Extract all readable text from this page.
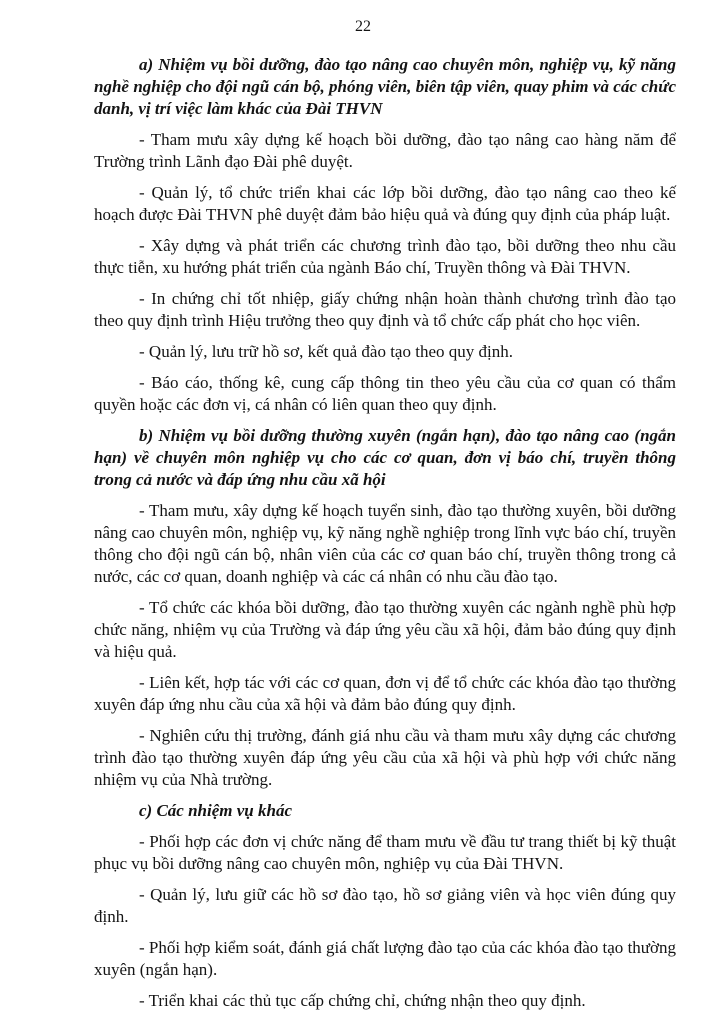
22

a) Nhiệm vụ bồi dưỡng, đào tạo nâng cao chuyên môn, nghiệp vụ, kỹ năng nghề nghiệp cho đội ngũ cán bộ, phóng viên, biên tập viên, quay phim và các chức danh, vị trí việc làm khác của Đài THVN

- Tham mưu xây dựng kế hoạch bồi dưỡng, đào tạo nâng cao hàng năm để Trường trình Lãnh đạo Đài phê duyệt.

- Quản lý, tổ chức triển khai các lớp bồi dưỡng, đào tạo nâng cao theo kế hoạch được Đài THVN phê duyệt đảm bảo hiệu quả và đúng quy định của pháp luật.

- Xây dựng và phát triển các chương trình đào tạo, bồi dưỡng theo nhu cầu thực tiễn, xu hướng phát triển của ngành Báo chí, Truyền thông và Đài THVN.

- In chứng chỉ tốt nhiệp, giấy chứng nhận hoàn thành chương trình đào tạo theo quy định trình Hiệu trưởng theo quy định và tổ chức cấp phát cho học viên.

- Quản lý, lưu trữ hồ sơ, kết quả đào tạo theo quy định.

- Báo cáo, thống kê, cung cấp thông tin theo yêu cầu của cơ quan có thẩm quyền hoặc các đơn vị, cá nhân có liên quan theo quy định.

b) Nhiệm vụ bồi dưỡng thường xuyên (ngắn hạn), đào tạo nâng cao (ngắn hạn) về chuyên môn nghiệp vụ cho các cơ quan, đơn vị báo chí, truyền thông trong cả nước và đáp ứng nhu cầu xã hội

- Tham mưu, xây dựng kế hoạch tuyển sinh, đào tạo thường xuyên, bồi dưỡng nâng cao chuyên môn, nghiệp vụ, kỹ năng nghề nghiệp trong lĩnh vực báo chí, truyền thông cho đội ngũ cán bộ, nhân viên của các cơ quan báo chí, truyền thông trong cả nước, các cơ quan, doanh nghiệp và các cá nhân có nhu cầu đào tạo.

- Tổ chức các khóa bồi dưỡng, đào tạo thường xuyên các ngành nghề phù hợp chức năng, nhiệm vụ của Trường và đáp ứng yêu cầu xã hội, đảm bảo đúng quy định và hiệu quả.

- Liên kết, hợp tác với các cơ quan, đơn vị để tổ chức các khóa đào tạo thường xuyên đáp ứng nhu cầu của xã hội và đảm bảo đúng quy định.

- Nghiên cứu thị trường, đánh giá nhu cầu và tham mưu xây dựng các chương trình đào tạo thường xuyên đáp ứng yêu cầu của xã hội và phù hợp với chức năng nhiệm vụ của Nhà trường.

c) Các nhiệm vụ khác

- Phối hợp các đơn vị chức năng để tham mưu về đầu tư trang thiết bị kỹ thuật phục vụ bồi dưỡng nâng cao chuyên môn, nghiệp vụ của Đài THVN.

- Quản lý, lưu giữ các hồ sơ đào tạo, hồ sơ giảng viên và học viên đúng quy định.

- Phối hợp kiểm soát, đánh giá chất lượng đào tạo của các khóa đào tạo thường xuyên (ngắn hạn).

- Triển khai các thủ tục cấp chứng chỉ, chứng nhận theo quy định.
